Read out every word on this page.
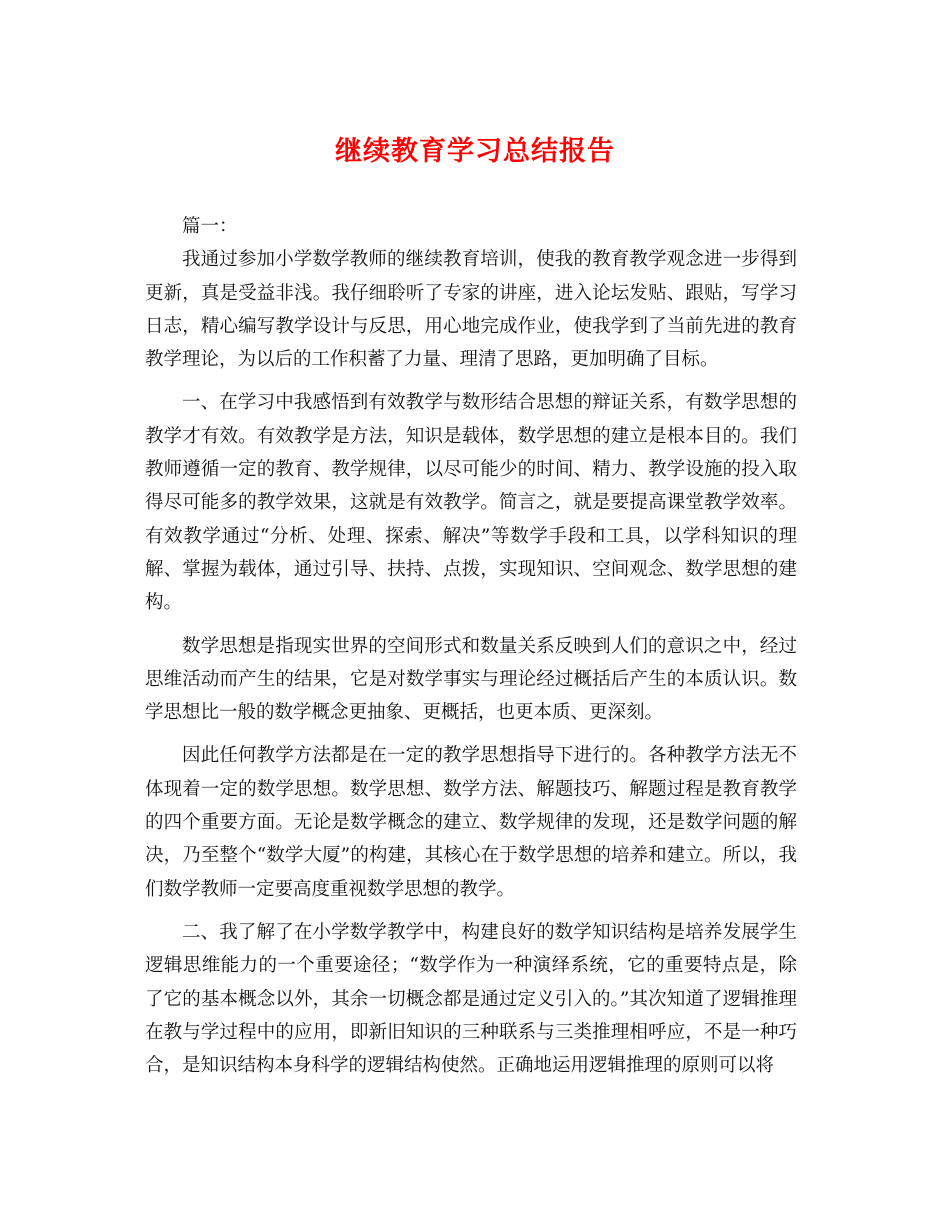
继续教育学习总结报告

篇一：

我通过参加小学数学教师的继续教育培训，使我的教育教学观念进一步得到更新，真是受益非浅。我仔细聆听了专家的讲座，进入论坛发贴、跟贴，写学习日志，精心编写教学设计与反思，用心地完成作业，使我学到了当前先进的教育教学理论，为以后的工作积蓄了力量、理清了思路，更加明确了目标。

一、在学习中我感悟到有效教学与数形结合思想的辩证关系，有数学思想的教学才有效。有效教学是方法，知识是载体，数学思想的建立是根本目的。我们教师遵循一定的教育、教学规律，以尽可能少的时间、精力、教学设施的投入取得尽可能多的教学效果，这就是有效教学。简言之，就是要提高课堂教学效率。有效教学通过“分析、处理、探索、解决”等数学手段和工具，以学科知识的理解、掌握为载体，通过引导、扶持、点拨，实现知识、空间观念、数学思想的建构。

数学思想是指现实世界的空间形式和数量关系反映到人们的意识之中，经过思维活动而产生的结果，它是对数学事实与理论经过概括后产生的本质认识。数学思想比一般的数学概念更抽象、更概括，也更本质、更深刻。

因此任何教学方法都是在一定的教学思想指导下进行的。各种教学方法无不体现着一定的数学思想。数学思想、数学方法、解题技巧、解题过程是教育教学的四个重要方面。无论是数学概念的建立、数学规律的发现，还是数学问题的解决，乃至整个“数学大厦”的构建，其核心在于数学思想的培养和建立。所以，我们数学教师一定要高度重视数学思想的教学。

二、我了解了在小学数学教学中，构建良好的数学知识结构是培养发展学生逻辑思维能力的一个重要途径；“数学作为一种演绎系统，它的重要特点是，除了它的基本概念以外，其余一切概念都是通过定义引入的。”其次知道了逻辑推理在教与学过程中的应用，即新旧知识的三种联系与三类推理相呼应，不是一种巧合，是知识结构本身科学的逻辑结构使然。正确地运用逻辑推理的原则可以将
